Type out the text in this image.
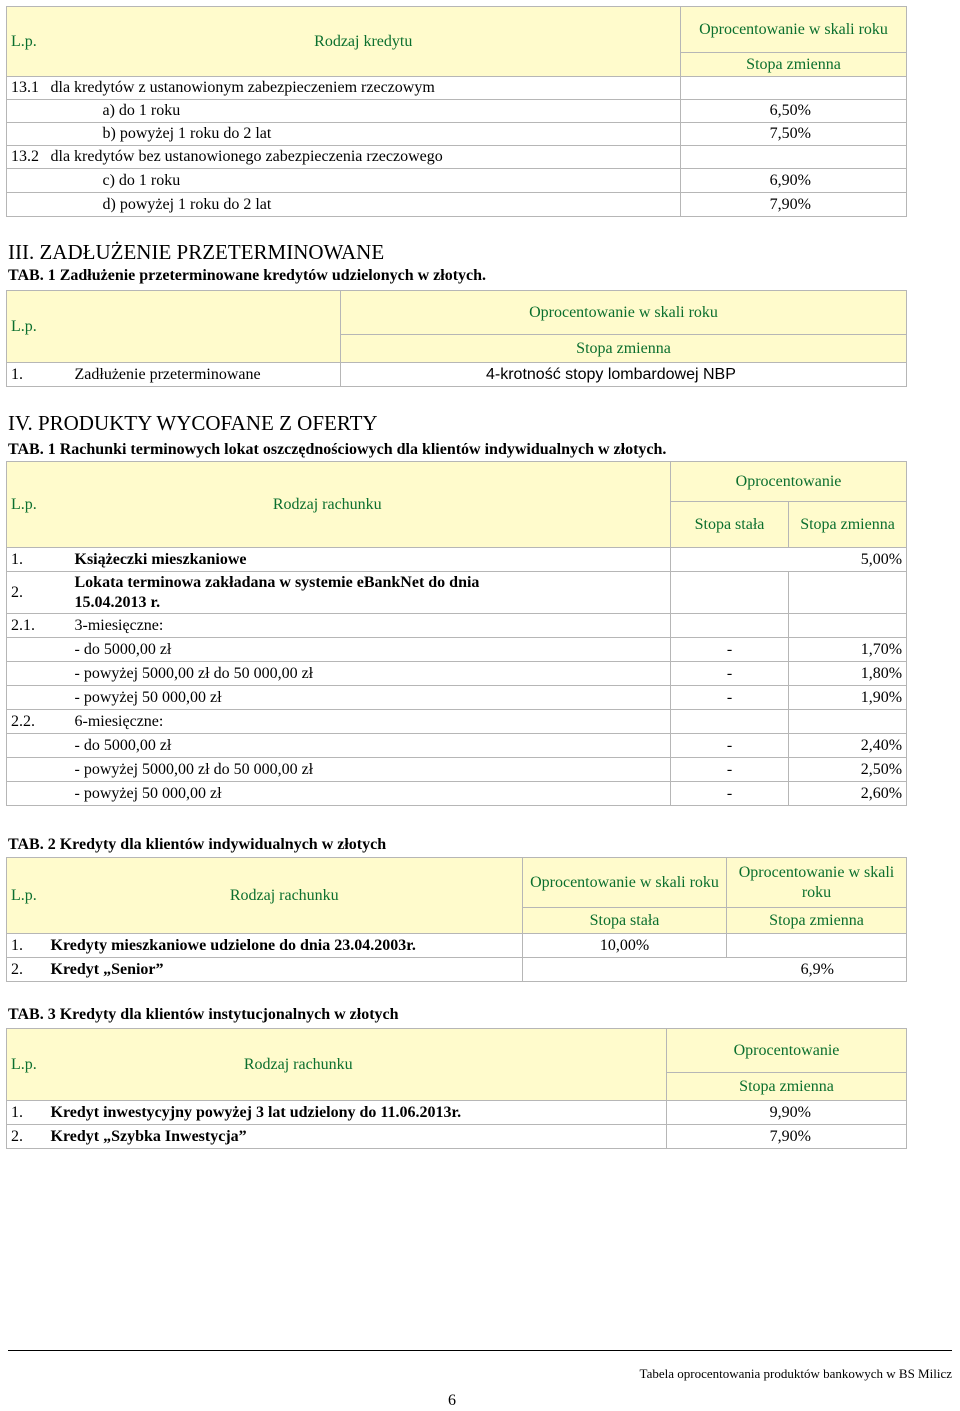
L.p.	Rodzaj kredytu	Oprocentowanie w skali roku
		Stopa zmienna
13.1	dla kredytów z ustanowionym zabezpieczeniem rzeczowym	
	a) do 1 roku	6,50%
	b) powyżej 1 roku do 2 lat	7,50%
13.2	dla kredytów bez ustanowionego zabezpieczenia rzeczowego	
	c) do 1 roku	6,90%
	d) powyżej 1 roku do 2 lat	7,90%
III. ZADŁUŻENIE PRZETERMINOWANE
TAB. 1 Zadłużenie przeterminowane kredytów udzielonych w złotych.
L.p.		Oprocentowanie w skali roku
		Stopa zmienna
1.	Zadłużenie przeterminowane	4-krotność stopy lombardowej NBP
IV. PRODUKTY WYCOFANE Z OFERTY
TAB. 1 Rachunki terminowych lokat oszczędnościowych dla klientów indywidualnych w złotych.
L.p.	Rodzaj rachunku	Oprocentowanie	
		Stopa stała	Stopa zmienna
1.	Książeczki mieszkaniowe		5,00%
2.	Lokata terminowa zakładana w systemie eBankNet do dnia 15.04.2013 r.		
2.1.	3-miesięczne:		
	- do 5000,00 zł	-	1,70%
	- powyżej 5000,00 zł do 50 000,00 zł	-	1,80%
	- powyżej 50 000,00 zł	-	1,90%
2.2.	6-miesięczne:		
	- do 5000,00 zł	-	2,40%
	- powyżej 5000,00 zł do 50 000,00 zł	-	2,50%
	- powyżej 50 000,00 zł	-	2,60%
TAB. 2 Kredyty dla klientów indywidualnych w złotych
L.p.	Rodzaj rachunku	Oprocentowanie w skali roku	Oprocentowanie w skali roku
		Stopa stała	Stopa zmienna
1.	Kredyty mieszkaniowe udzielone do dnia 23.04.2003r.	10,00%	
2.	Kredyt „Senior”		6,9%
TAB. 3 Kredyty dla klientów instytucjonalnych w złotych
L.p.	Rodzaj rachunku	Oprocentowanie
		Stopa zmienna
1.	Kredyt inwestycyjny powyżej 3 lat udzielony do 11.06.2013r.	9,90%
2.	Kredyt „Szybka Inwestycja”	7,90%
Tabela oprocentowania produktów bankowych w BS Milicz
6
